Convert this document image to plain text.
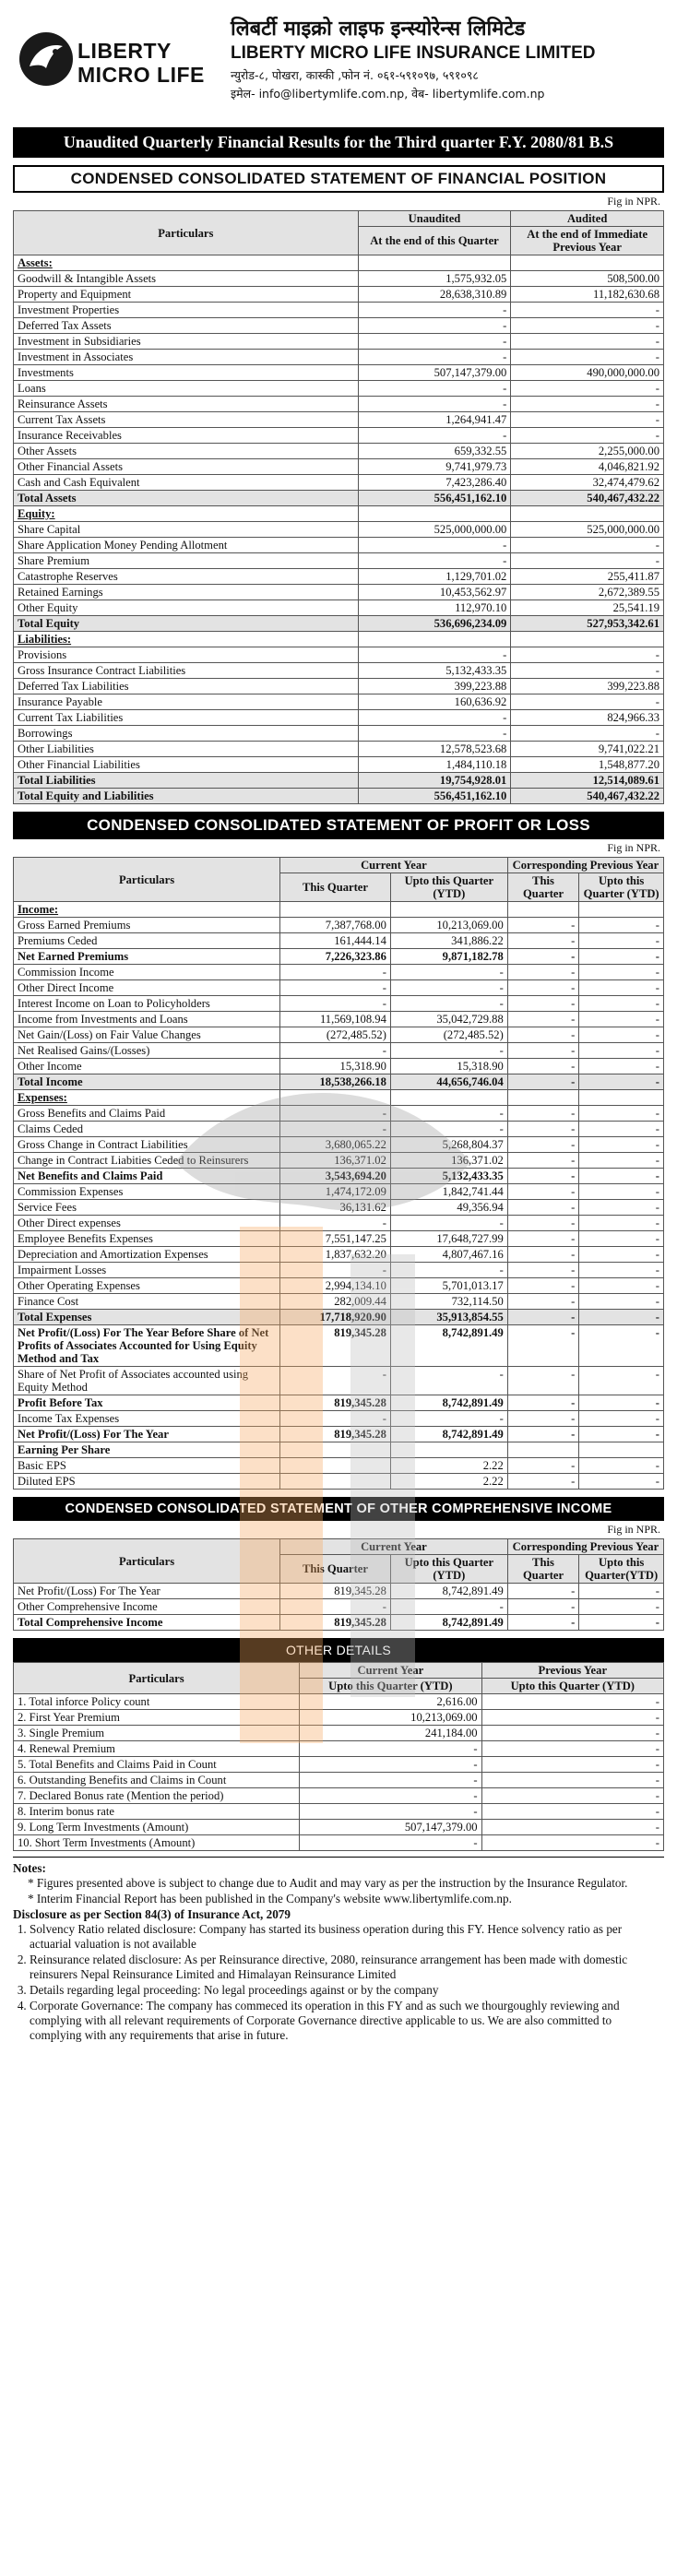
LIBERTY
MICRO LIFE
लिबर्टी माइक्रो लाइफ इन्स्योरेन्स लिमिटेड
LIBERTY MICRO LIFE INSURANCE LIMITED
न्युरोड-८, पोखरा, कास्की ,फोन नं. ०६१-५९१०९७, ५९१०९८
इमेल- info@libertymlife.com.np, वेब- libertymlife.com.np
Unaudited Quarterly Financial Results for the Third quarter F.Y. 2080/81 B.S
CONDENSED CONSOLIDATED STATEMENT OF FINANCIAL POSITION
Fig in NPR.
Particulars	Unaudited	Audited
	At the end of this Quarter	At the end of Immediate Previous Year
Assets:		
Goodwill & Intangible Assets	1,575,932.05	508,500.00
Property and Equipment	28,638,310.89	11,182,630.68
Investment Properties	-	-
Deferred Tax Assets	-	-
Investment in Subsidiaries	-	-
Investment in Associates	-	-
Investments	507,147,379.00	490,000,000.00
Loans	-	-
Reinsurance Assets	-	-
Current Tax Assets	1,264,941.47	-
Insurance Receivables	-	-
Other Assets	659,332.55	2,255,000.00
Other Financial Assets	9,741,979.73	4,046,821.92
Cash and Cash Equivalent	7,423,286.40	32,474,479.62
Total Assets	556,451,162.10	540,467,432.22
Equity:		
Share Capital	525,000,000.00	525,000,000.00
Share Application Money Pending Allotment	-	-
Share Premium	-	-
Catastrophe Reserves	1,129,701.02	255,411.87
Retained Earnings	10,453,562.97	2,672,389.55
Other Equity	112,970.10	25,541.19
Total Equity	536,696,234.09	527,953,342.61
Liabilities:		
Provisions	-	-
Gross Insurance Contract Liabilities	5,132,433.35	-
Deferred Tax Liabilities	399,223.88	399,223.88
Insurance Payable	160,636.92	-
Current Tax Liabilities	-	824,966.33
Borrowings	-	-
Other Liabilities	12,578,523.68	9,741,022.21
Other Financial Liabilities	1,484,110.18	1,548,877.20
Total Liabilities	19,754,928.01	12,514,089.61
Total Equity and Liabilities	556,451,162.10	540,467,432.22
CONDENSED CONSOLIDATED STATEMENT OF PROFIT OR LOSS
Fig in NPR.
Particulars	Current Year		Corresponding Previous Year	
	This Quarter	Upto this Quarter (YTD)	This Quarter	Upto this Quarter (YTD)
Income:				
Gross Earned Premiums	7,387,768.00	10,213,069.00	-	-
Premiums Ceded	161,444.14	341,886.22	-	-
Net Earned Premiums	7,226,323.86	9,871,182.78	-	-
Commission Income	-	-	-	-
Other Direct Income	-	-	-	-
Interest Income on Loan to Policyholders	-	-	-	-
Income from Investments and Loans	11,569,108.94	35,042,729.88	-	-
Net Gain/(Loss) on Fair Value Changes	(272,485.52)	(272,485.52)	-	-
Net Realised Gains/(Losses)	-	-	-	-
Other Income	15,318.90	15,318.90	-	-
Total Income	18,538,266.18	44,656,746.04	-	-
Expenses:				
Gross Benefits and Claims Paid	-	-	-	-
Claims Ceded	-	-	-	-
Gross Change in Contract Liabilities	3,680,065.22	5,268,804.37	-	-
Change in Contract Liabities Ceded to Reinsurers	136,371.02	136,371.02	-	-
Net Benefits and Claims Paid	3,543,694.20	5,132,433.35	-	-
Commission Expenses	1,474,172.09	1,842,741.44	-	-
Service Fees	36,131.62	49,356.94	-	-
Other Direct expenses	-	-	-	-
Employee Benefits Expenses	7,551,147.25	17,648,727.99	-	-
Depreciation and Amortization Expenses	1,837,632.20	4,807,467.16	-	-
Impairment Losses	-	-	-	-
Other Operating Expenses	2,994,134.10	5,701,013.17	-	-
Finance Cost	282,009.44	732,114.50	-	-
Total Expenses	17,718,920.90	35,913,854.55	-	-
Net Profit/(Loss) For The Year Before Share of Net Profits of Associates Accounted for Using Equity Method and Tax	819,345.28	8,742,891.49	-	-
Share of Net Profit of Associates accounted using Equity Method	-	-	-	-
Profit Before Tax	819,345.28	8,742,891.49	-	-
Income Tax Expenses	-	-	-	-
Net Profit/(Loss) For The Year	819,345.28	8,742,891.49	-	-
Earning Per Share				
Basic EPS		2.22	-	-
Diluted EPS		2.22	-	-
CONDENSED CONSOLIDATED STATEMENT OF OTHER COMPREHENSIVE INCOME
Fig in NPR.
Particulars	Current Year		Corresponding Previous Year	
	This Quarter	Upto this Quarter (YTD)	This Quarter	Upto this Quarter(YTD)
Net Profit/(Loss) For The Year	819,345.28	8,742,891.49	-	-
Other Comprehensive Income	-	-	-	-
Total Comprehensive Income	819,345.28	8,742,891.49	-	-
OTHER DETAILS
Particulars	Current Year	Previous Year
	Upto this Quarter (YTD)	Upto this Quarter (YTD)
1. Total inforce Policy count	2,616.00	-
2. First Year Premium	10,213,069.00	-
3. Single Premium	241,184.00	-
4. Renewal Premium	-	-
5. Total Benefits and Claims Paid in Count	-	-
6. Outstanding Benefits and Claims in Count	-	-
7. Declared Bonus rate (Mention the period)	-	-
8. Interim bonus rate	-	-
9. Long Term Investments (Amount)	507,147,379.00	-
10. Short Term Investments (Amount)	-	-
Notes:
* Figures presented above is subject to change due to Audit and may vary as per the instruction by the Insurance Regulator.
* Interim Financial Report has been published in the Company's website www.libertymlife.com.np.
Disclosure as per Section 84(3) of Insurance Act, 2079
1. Solvency Ratio related disclosure: Company has started its business operation during this FY. Hence solvency ratio as per actuarial valuation is not available
2. Reinsurance related disclosure: As per Reinsurance directive, 2080, reinsurance arrangement has been made with domestic reinsurers Nepal Reinsurance Limited and Himalayan Reinsurance Limited
3. Details regarding legal proceeding: No legal proceedings against or by the company
4. Corporate Governance: The company has commeced its operation in this FY and as such we thourgoughly reviewing and complying with all relevant requirements of Corporate Governance directive applicable to us. We are also committed to complying with any requirements that arise in future.
